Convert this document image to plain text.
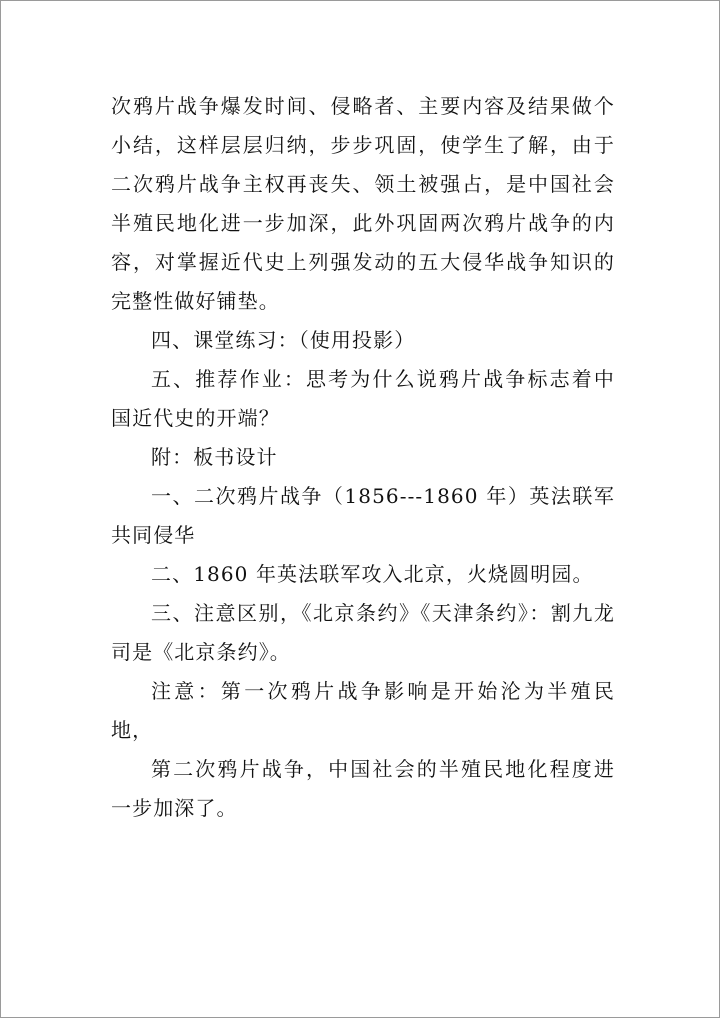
次鸦片战争爆发时间、侵略者、主要内容及结果做个小结，这样层层归纳，步步巩固，使学生了解，由于二次鸦片战争主权再丧失、领土被强占，是中国社会半殖民地化进一步加深，此外巩固两次鸦片战争的内容，对掌握近代史上列强发动的五大侵华战争知识的完整性做好铺垫。

四、课堂练习：（使用投影）

五、推荐作业：思考为什么说鸦片战争标志着中国近代史的开端？

附：板书设计

一、二次鸦片战争（1856---1860 年）英法联军共同侵华

二、1860 年英法联军攻入北京，火烧圆明园。

三、注意区别，《北京条约》《天津条约》：割九龙司是《北京条约》。

注意：第一次鸦片战争影响是开始沦为半殖民地，

第二次鸦片战争，中国社会的半殖民地化程度进一步加深了。
